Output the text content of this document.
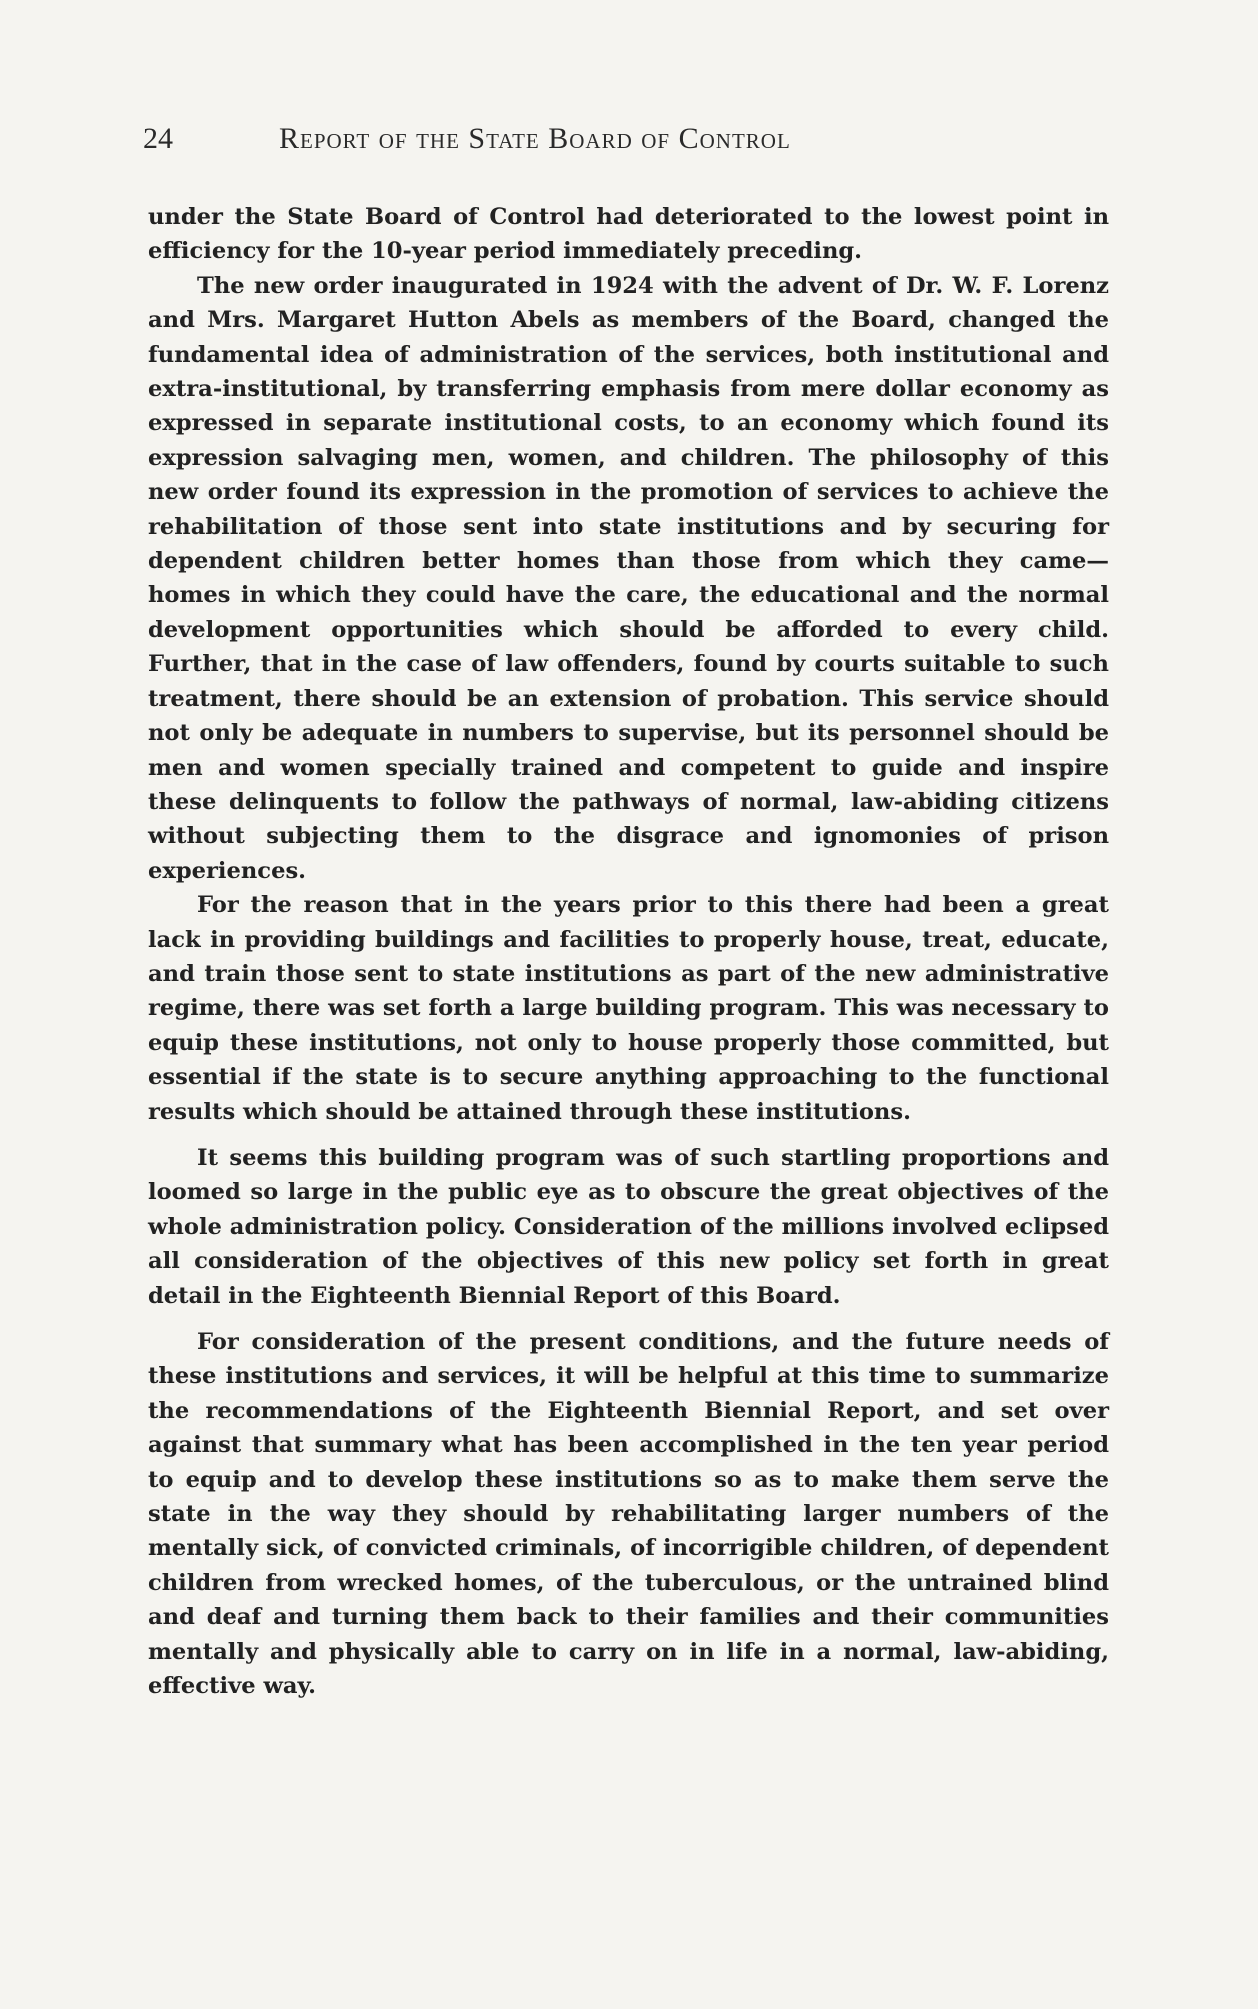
24	Report of the State Board of Control

under the State Board of Control had deteriorated to the lowest point in efficiency for the 10-year period immediately preceding.

The new order inaugurated in 1924 with the advent of Dr. W. F. Lorenz and Mrs. Margaret Hutton Abels as members of the Board, changed the fundamental idea of administration of the services, both institutional and extra-institutional, by transferring emphasis from mere dollar economy as expressed in separate institutional costs, to an economy which found its expression salvaging men, women, and children. The philosophy of this new order found its expression in the promotion of services to achieve the rehabilitation of those sent into state institutions and by securing for dependent children better homes than those from which they came— homes in which they could have the care, the educational and the normal development opportunities which should be afforded to every child. Further, that in the case of law offenders, found by courts suitable to such treatment, there should be an extension of probation. This service should not only be adequate in numbers to supervise, but its personnel should be men and women specially trained and competent to guide and inspire these delinquents to follow the pathways of normal, law-abiding citizens without subjecting them to the disgrace and ignomonies of prison experiences.

For the reason that in the years prior to this there had been a great lack in providing buildings and facilities to properly house, treat, educate, and train those sent to state institutions as part of the new administrative regime, there was set forth a large building program. This was necessary to equip these institutions, not only to house properly those committed, but essential if the state is to secure anything approaching to the functional results which should be attained through these institutions.

It seems this building program was of such startling proportions and loomed so large in the public eye as to obscure the great objectives of the whole administration policy. Consideration of the millions involved eclipsed all consideration of the objectives of this new policy set forth in great detail in the Eighteenth Biennial Report of this Board.

For consideration of the present conditions, and the future needs of these institutions and services, it will be helpful at this time to summarize the recommendations of the Eighteenth Biennial Report, and set over against that summary what has been accomplished in the ten year period to equip and to develop these institutions so as to make them serve the state in the way they should by rehabilitating larger numbers of the mentally sick, of convicted criminals, of incorrigible children, of dependent children from wrecked homes, of the tuberculous, or the untrained blind and deaf and turning them back to their families and their communities mentally and physically able to carry on in life in a normal, law-abiding, effective way.
